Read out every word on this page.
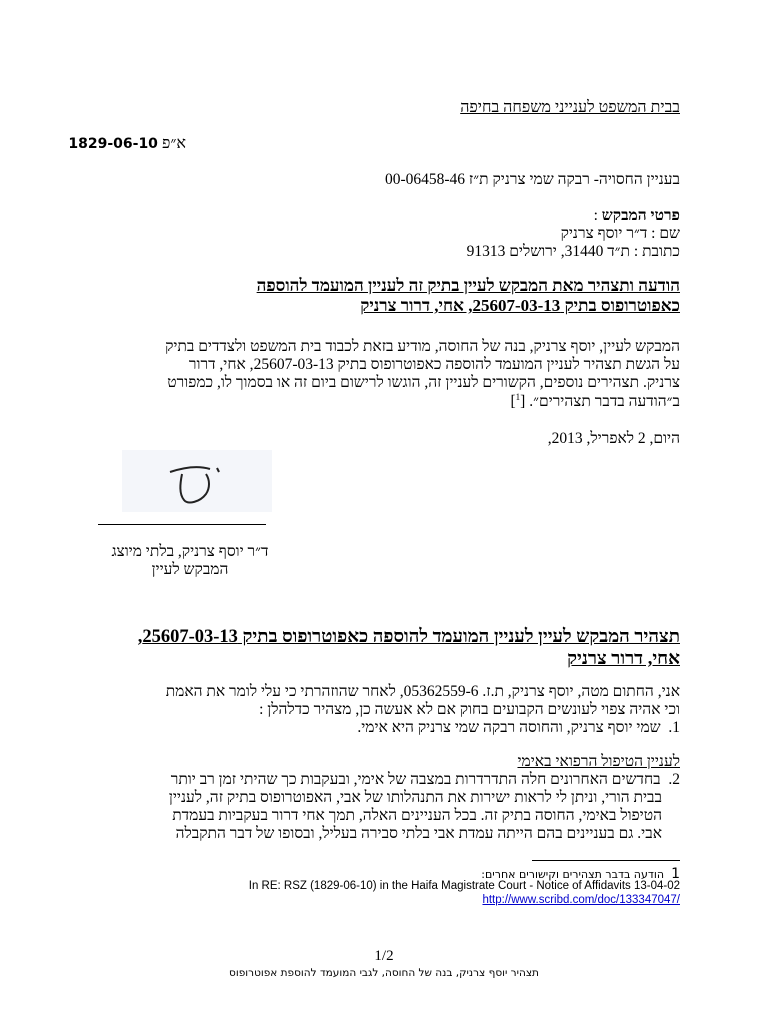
בבית המשפט לענייני משפחה בחיפה
א״פ 1829-06-10
בעניין החסויה- רבקה שמי צרניק ת״ז 00-06458-46
פרטי המבקש :
שם : ד״ר יוסף צרניק
כתובת : ת״ד 31440, ירושלים 91313
הודעה ותצהיר מאת המבקש לעיין בתיק זה לעניין המועמד להוספה
כאפוטרופוס בתיק 25607-03-13, אחי, דרור צרניק
המבקש לעיין, יוסף צרניק, בנה של החוסה, מודיע בזאת לכבוד בית המשפט ולצדדים בתיק
על הגשת תצהיר לעניין המועמד להוספה כאפוטרופוס בתיק 25607-03-13, אחי, דרור
צרניק. תצהירים נוספים, הקשורים לעניין זה, הוגשו לרישום ביום זה או בסמוך לו, כמפורט
ב״הודעה בדבר תצהירים״. [$^1$]
היום, 2 לאפריל, 2013,
ד״ר יוסף צרניק, בלתי מיוצג
המבקש לעיין
תצהיר המבקש לעיין לעניין המועמד להוספה כאפוטרופוס בתיק 25607-03-13,
אחי, דרור צרניק
אני, החתום מטה, יוסף צרניק, ת.ז. 05362559-6, לאחר שהוזהרתי כי עלי לומר את האמת
וכי אהיה צפוי לעונשים הקבועים בחוק אם לא אעשה כן, מצהיר כדלהלן :
1.  שמי יוסף צרניק, והחוסה רבקה שמי צרניק היא אימי.
לעניין הטיפול הרפואי באימי
2.  בחדשים האחרונים חלה התדרדרות במצבה של אימי, ובעקבות כך שהיתי זמן רב יותר
בבית הורי, וניתן לי לראות ישירות את התנהלותו של אבי, האפוטרופוס בתיק זה, לעניין
הטיפול באימי, החוסה בתיק זה. בכל העניינים האלה, תמך אחי דרור בעקביות בעמדת
אבי. גם בעניינים בהם הייתה עמדת אבי בלתי סבירה בעליל, ובסופו של דבר התקבלה
1  הודעה בדבר תצהירים וקישורים אחרים:
In RE: RSZ (1829-06-10) in the Haifa Magistrate Court - Notice of Affidavits 13-04-02
http://www.scribd.com/doc/133347047/
1/2
תצהיר יוסף צרניק, בנה של החוסה, לגבי המועמד להוספת אפוטרופוס
